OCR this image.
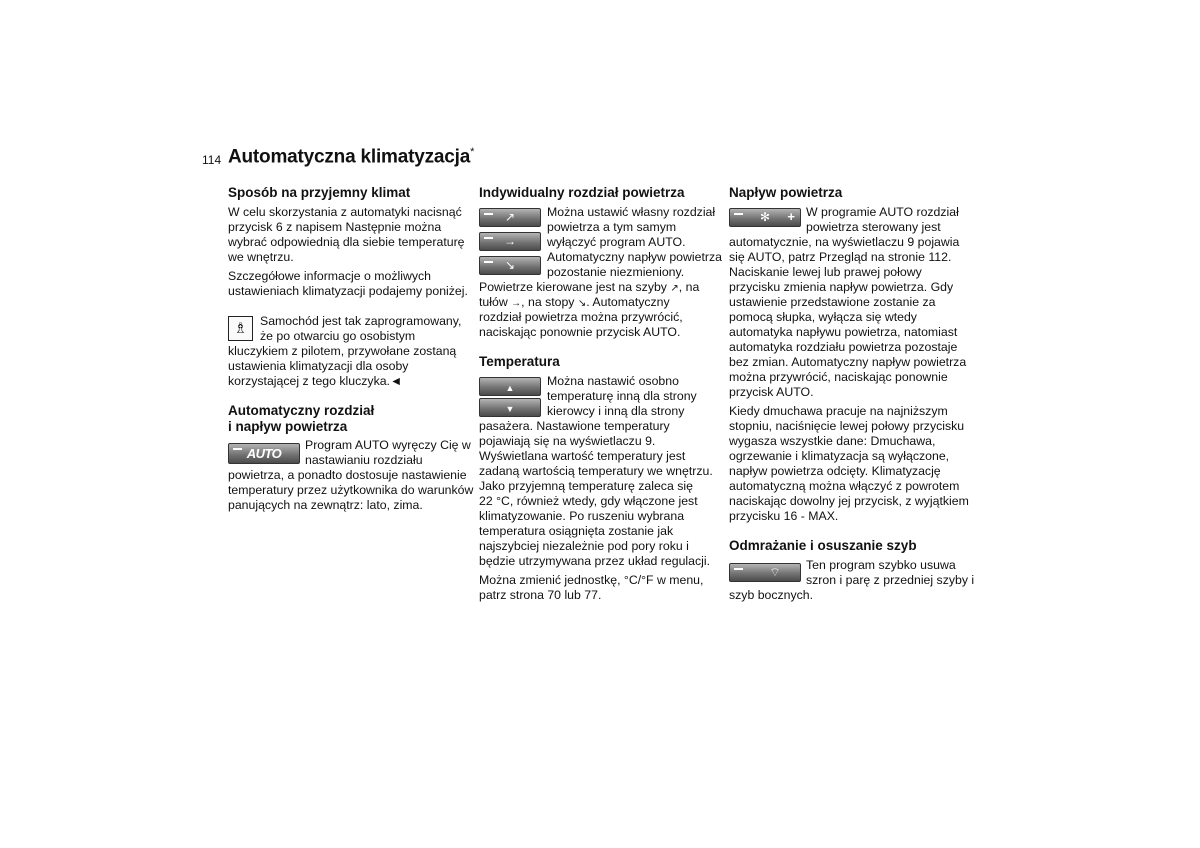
114 Automatyczna klimatyzacja*
Sposób na przyjemny klimat
W celu skorzystania z automatyki nacisnąć
przycisk 6 z napisem Następnie można
wybrać odpowiednią dla siebie temperaturę
we wnętrzu.
Szczegółowe informacje o możliwych
ustawieniach klimatyzacji podajemy poniżej.
♗	Samochód jest tak zaprogramowany,
że po otwarciu go osobistym
kluczykiem z pilotem, przywołane zostaną
ustawienia klimatyzacji dla osoby
korzystającej z tego kluczyka.◄
Automatyczny rozdział
i napływ powietrza
AUTO
Program AUTO wyręczy Cię w
nastawianiu rozdziału
powietrza, a ponadto dostosuje nastawienie
temperatury przez użytkownika do warunków
panujących na zewnątrz: lato, zima.
Indywidualny rozdział powietrza
↗
→
↘
Można ustawić własny rozdział
powietrza a tym samym
wyłączyć program AUTO.
Automatyczny napływ powietrza
pozostanie niezmieniony.
Powietrze kierowane jest na szyby ↗, na
tułów →, na stopy ↘. Automatyczny
rozdział powietrza można przywrócić,
naciskając ponownie przycisk AUTO.
Temperatura
▲
▼
Można nastawić osobno
temperaturę inną dla strony
kierowcy i inną dla strony
pasażera. Nastawione temperatury
pojawiają się na wyświetlaczu 9.
Wyświetlana wartość temperatury jest
zadaną wartością temperatury we wnętrzu.
Jako przyjemną temperaturę zaleca się
22 °C, również wtedy, gdy włączone jest
klimatyzowanie. Po ruszeniu wybrana
temperatura osiągnięta zostanie jak
najszybciej niezależnie pod pory roku i
będzie utrzymywana przez układ regulacji.
Można zmienić jednostkę, °C/°F w menu,
patrz strona 70 lub 77.
Napływ powietrza
✻	+ W programie AUTO rozdział
powietrza sterowany jest
automatycznie, na wyświetlaczu 9 pojawia
się AUTO, patrz Przegląd na stronie 112.
Naciskanie lewej lub prawej połowy
przycisku zmienia napływ powietrza. Gdy
ustawienie przedstawione zostanie za
pomocą słupka, wyłącza się wtedy
automatyka napływu powietrza, natomiast
automatyka rozdziału powietrza pozostaje
bez zmian. Automatyczny napływ powietrza
można przywrócić, naciskając ponownie
przycisk AUTO.
Kiedy dmuchawa pracuje na najniższym
stopniu, naciśnięcie lewej połowy przycisku
wygasza wszystkie dane: Dmuchawa,
ogrzewanie i klimatyzacja są wyłączone,
napływ powietrza odcięty. Klimatyzację
automatyczną można włączyć z powrotem
naciskając dowolny jej przycisk, z wyjątkiem
przycisku 16 - MAX.
Odmrażanie i osuszanie szyb
⌔	Ten program szybko usuwa
szron i parę z przedniej szyby i
szyb bocznych.
